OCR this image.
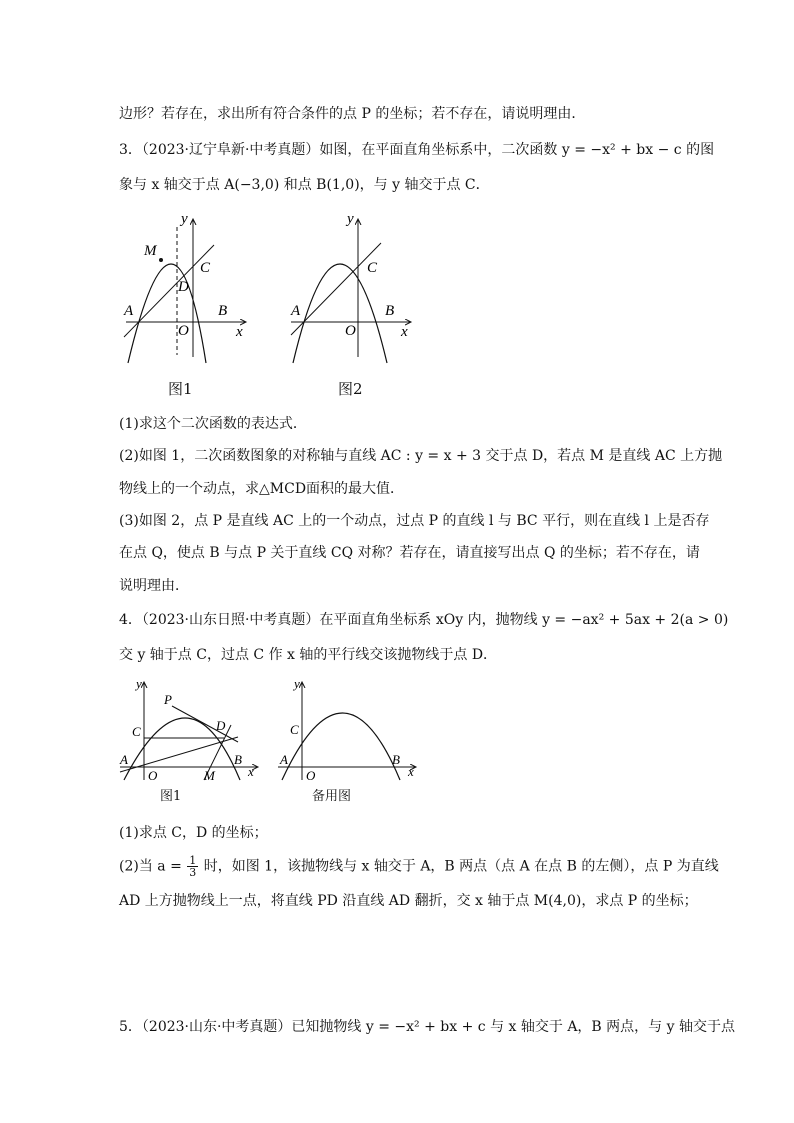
边形？若存在，求出所有符合条件的点 P 的坐标；若不存在，请说明理由．
3．（2023·辽宁阜新·中考真题）如图，在平面直角坐标系中，二次函数 y = −x² + bx − c 的图
象与 x 轴交于点 A(−3,0) 和点 B(1,0)，与 y 轴交于点 C．
M
C
D
A	B
O	x
y
图1
C
A	B
O	x
y
图2
(1)求这个二次函数的表达式．
(2)如图 1，二次函数图象的对称轴与直线 AC : y = x + 3 交于点 D，若点 M 是直线 AC 上方抛
物线上的一个动点，求△MCD面积的最大值．
(3)如图 2，点 P 是直线 AC 上的一个动点，过点 P 的直线 l 与 BC 平行，则在直线 l 上是否存
在点 Q，使点 B 与点 P 关于直线 CQ 对称？若存在，请直接写出点 Q 的坐标；若不存在，请
说明理由．
4．（2023·山东日照·中考真题）在平面直角坐标系 xOy 内，抛物线 y = −ax² + 5ax + 2(a > 0)
交 y 轴于点 C，过点 C 作 x 轴的平行线交该抛物线于点 D．
P
C	D
A	B
M
O	x
y
图1
C
A	B
O	x
y
备用图
(1)求点 C，D 的坐标；
(2)当 $a = \frac{1}{3}$ 时，如图 1，该抛物线与 x 轴交于 A，B 两点（点 A 在点 B 的左侧），点 P 为直线
AD 上方抛物线上一点，将直线 PD 沿直线 AD 翻折，交 x 轴于点 M(4,0)，求点 P 的坐标；
5．（2023·山东·中考真题）已知抛物线 y = −x² + bx + c 与 x 轴交于 A，B 两点，与 y 轴交于点
